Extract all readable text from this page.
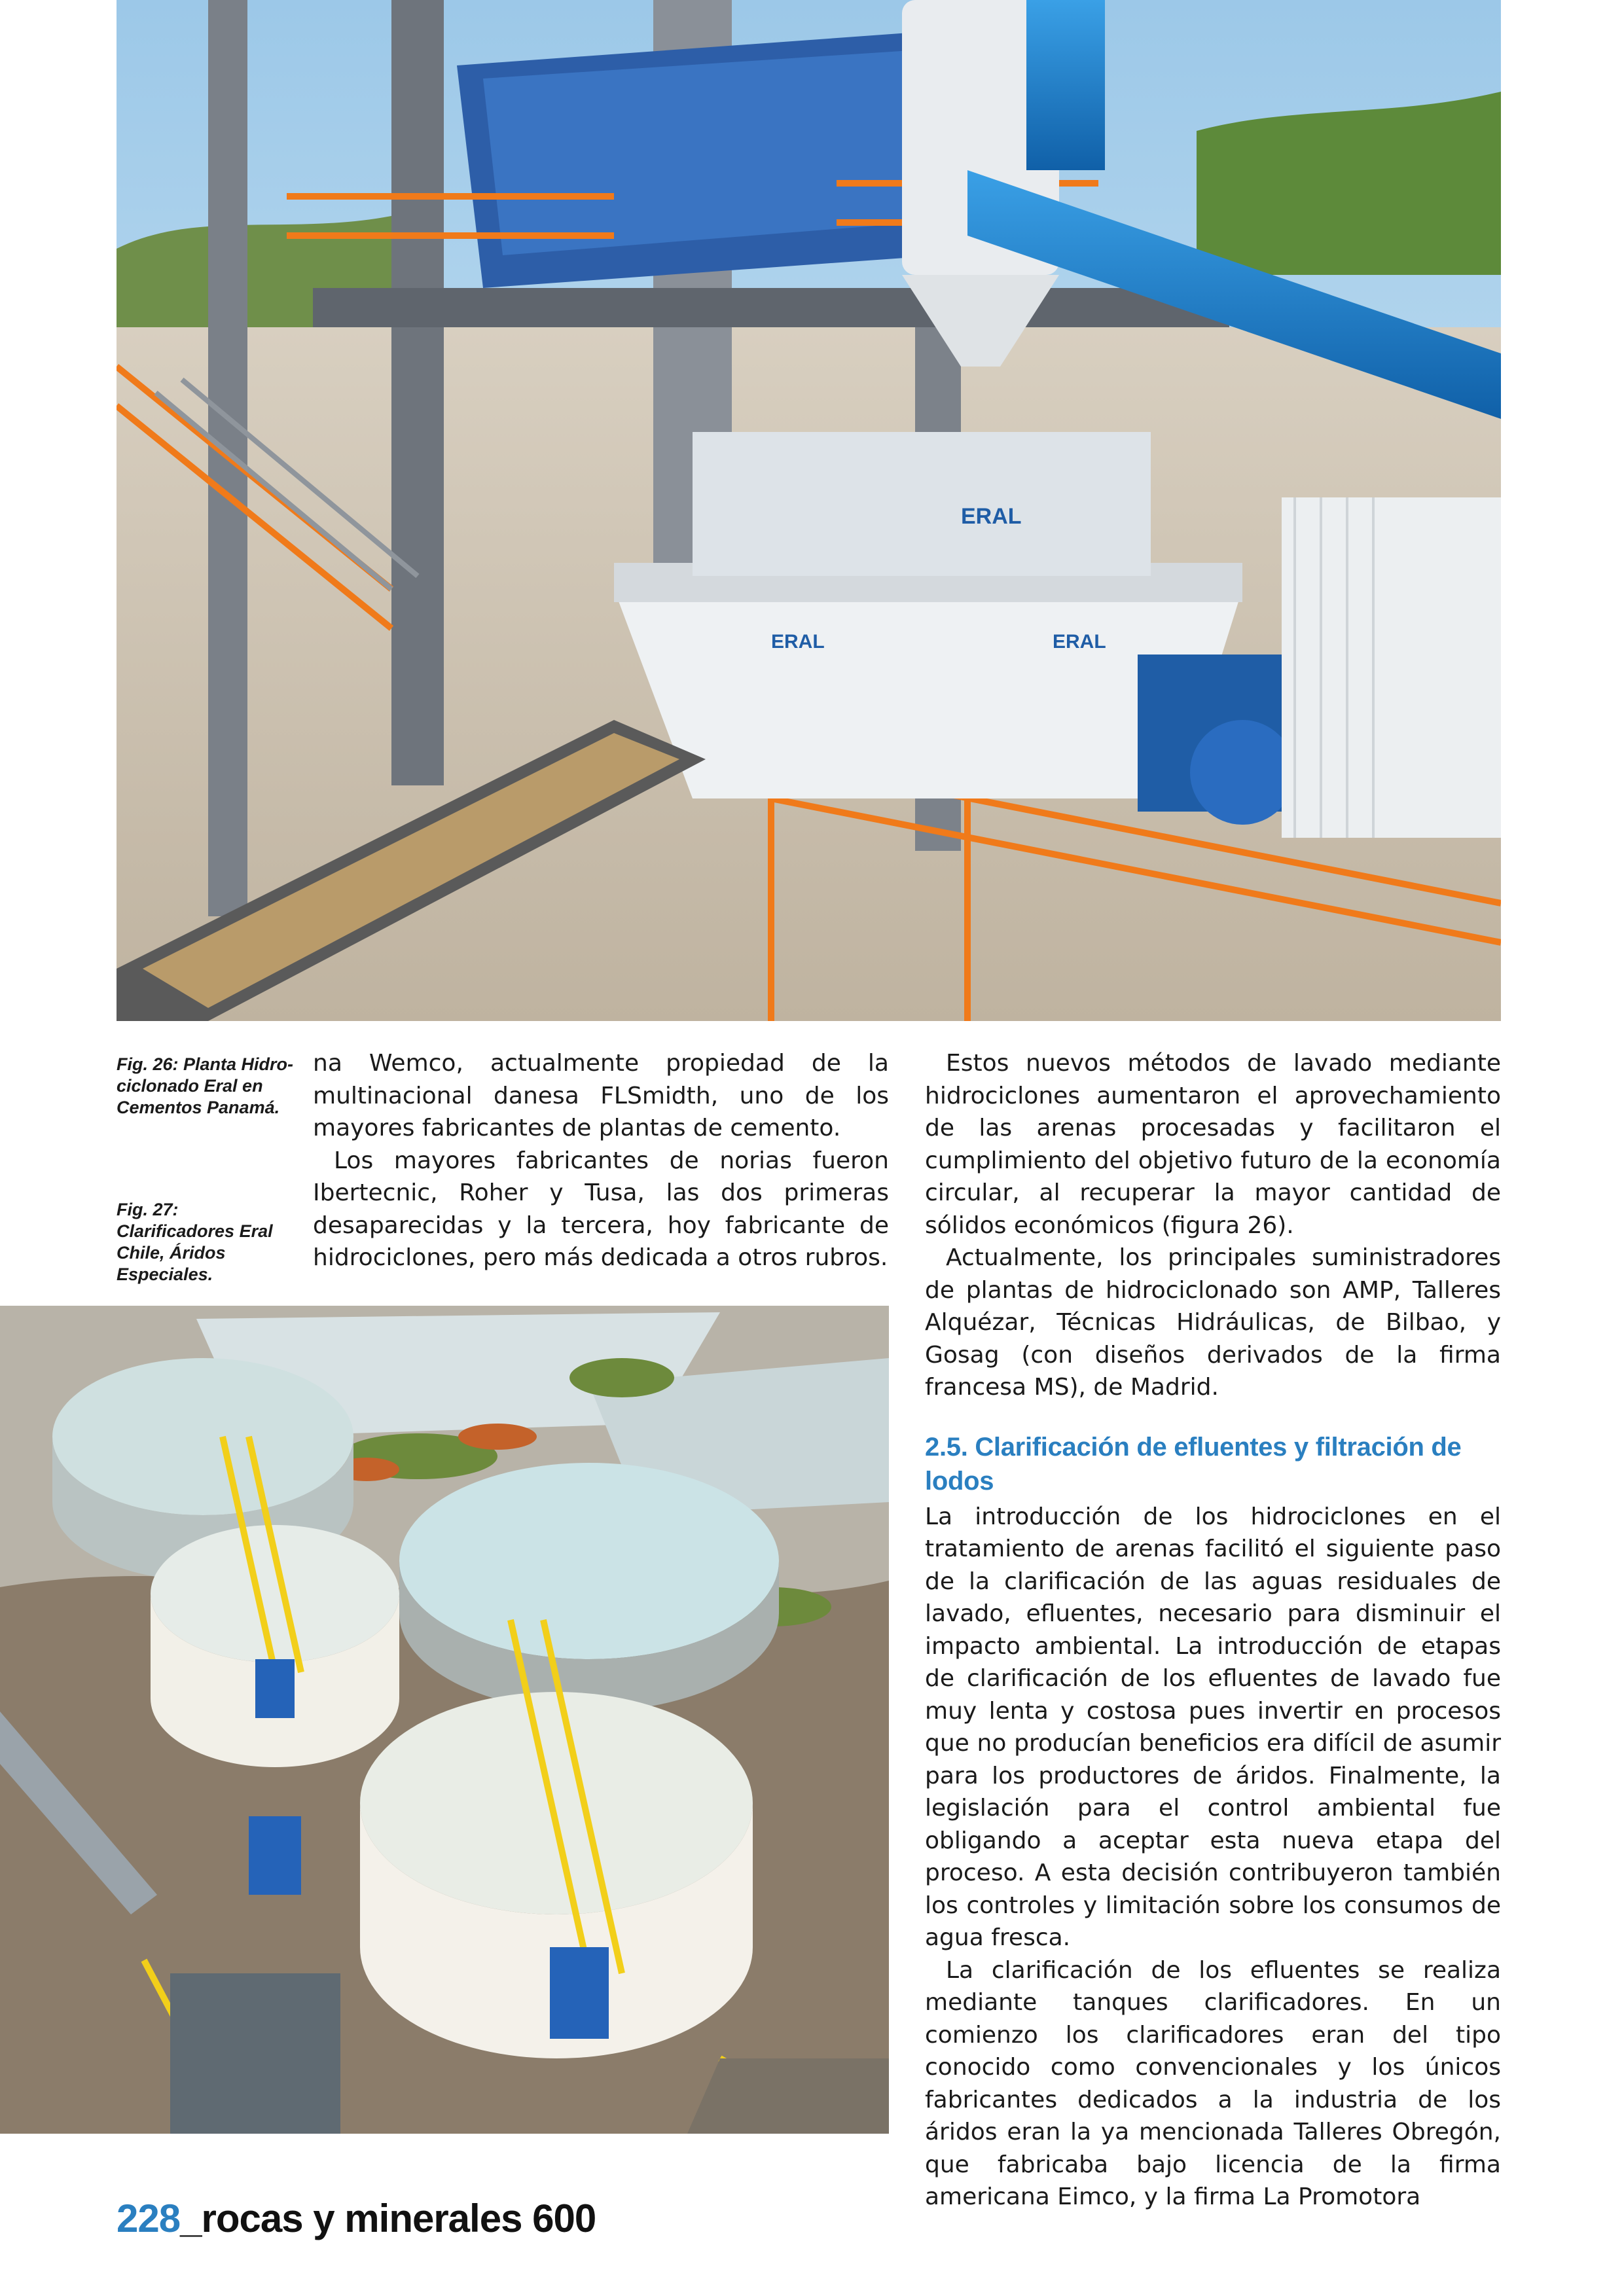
ERAL
ERAL	ERAL
Fig. 26: Planta Hidro-ciclonado Eral en Cementos Panamá.
Fig. 27: Clarificadores Eral Chile, Áridos Especiales.

na Wemco, actualmente propiedad de la multinacional danesa FLSmidth, uno de los mayores fabricantes de plantas de cemento.

Los mayores fabricantes de norias fueron Ibertecnic, Roher y Tusa, las dos primeras desaparecidas y la tercera, hoy fabricante de hidrociclones, pero más dedicada a otros rubros.

Estos nuevos métodos de lavado mediante hidrociclones aumentaron el aprovechamiento de las arenas procesadas y facilitaron el cumplimiento del objetivo futuro de la economía circular, al recuperar la mayor cantidad de sólidos económicos (figura 26).

Actualmente, los principales suministradores de plantas de hidrociclonado son AMP, Talleres Alquézar, Técnicas Hidráulicas, de Bilbao, y Gosag (con diseños derivados de la firma francesa MS), de Madrid.

2.5. Clarificación de efluentes y filtración de lodos

La introducción de los hidrociclones en el tratamiento de arenas facilitó el siguiente paso de la clarificación de las aguas residuales de lavado, efluentes, necesario para disminuir el impacto ambiental. La introducción de etapas de clarificación de los efluentes de lavado fue muy lenta y costosa pues invertir en procesos que no producían beneficios era difícil de asumir para los productores de áridos. Finalmente, la legislación para el control ambiental fue obligando a aceptar esta nueva etapa del proceso. A esta decisión contribuyeron también los controles y limitación sobre los consumos de agua fresca.

La clarificación de los efluentes se realiza mediante tanques clarificadores. En un comienzo los clarificadores eran del tipo conocido como convencionales y los únicos fabricantes dedicados a la industria de los áridos eran la ya mencionada Talleres Obregón, que fabricaba bajo licencia de la firma americana Eimco, y la firma La Promotora

228_rocas y minerales 600
